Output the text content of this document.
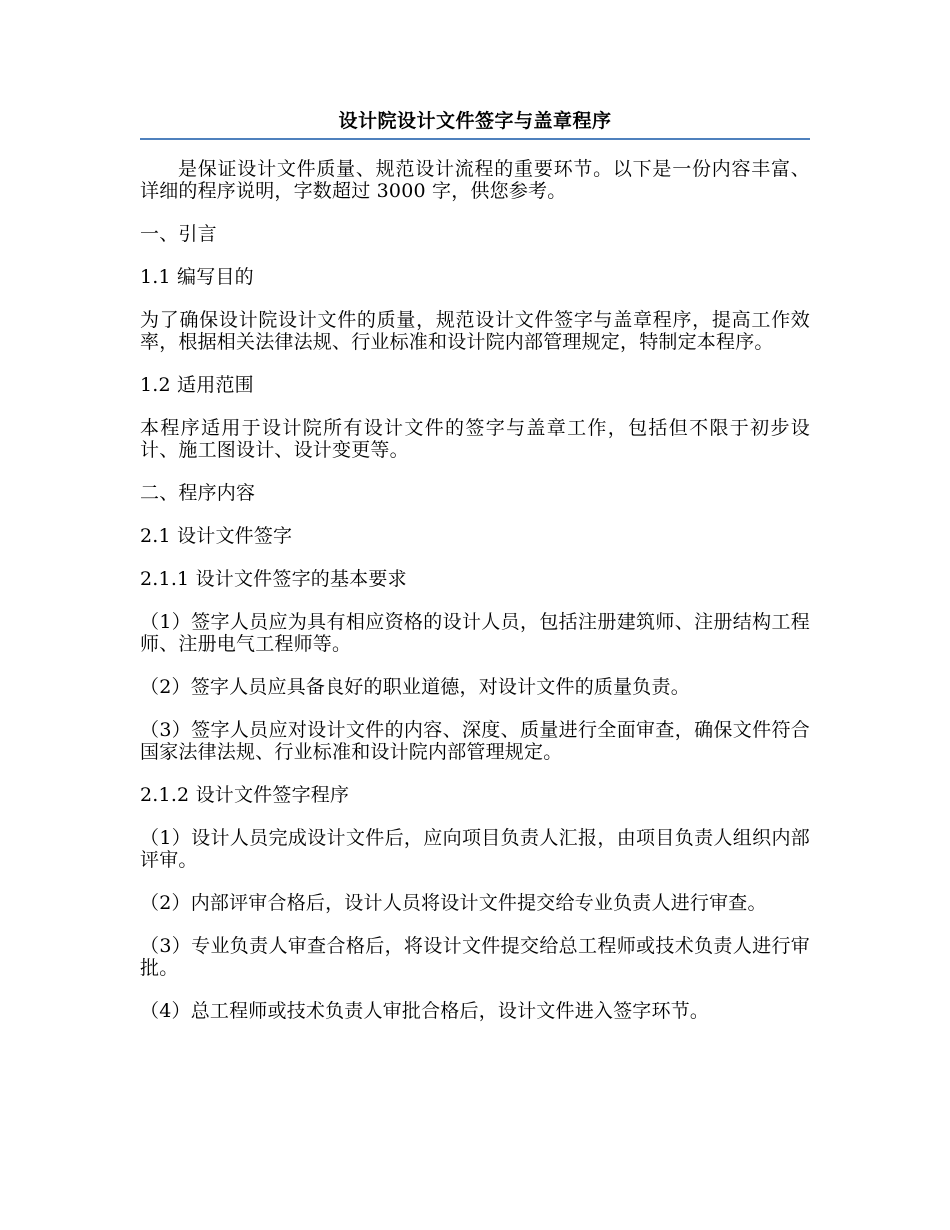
设计院设计文件签字与盖章程序

是保证设计文件质量、规范设计流程的重要环节。以下是一份内容丰富、详细的程序说明，字数超过 3000 字，供您参考。

一、引言

1.1 编写目的

为了确保设计院设计文件的质量，规范设计文件签字与盖章程序，提高工作效率，根据相关法律法规、行业标准和设计院内部管理规定，特制定本程序。

1.2 适用范围

本程序适用于设计院所有设计文件的签字与盖章工作，包括但不限于初步设计、施工图设计、设计变更等。

二、程序内容

2.1 设计文件签字

2.1.1 设计文件签字的基本要求

（1）签字人员应为具有相应资格的设计人员，包括注册建筑师、注册结构工程师、注册电气工程师等。

（2）签字人员应具备良好的职业道德，对设计文件的质量负责。

（3）签字人员应对设计文件的内容、深度、质量进行全面审查，确保文件符合国家法律法规、行业标准和设计院内部管理规定。

2.1.2 设计文件签字程序

（1）设计人员完成设计文件后，应向项目负责人汇报，由项目负责人组织内部评审。

（2）内部评审合格后，设计人员将设计文件提交给专业负责人进行审查。

（3）专业负责人审查合格后，将设计文件提交给总工程师或技术负责人进行审批。

（4）总工程师或技术负责人审批合格后，设计文件进入签字环节。
